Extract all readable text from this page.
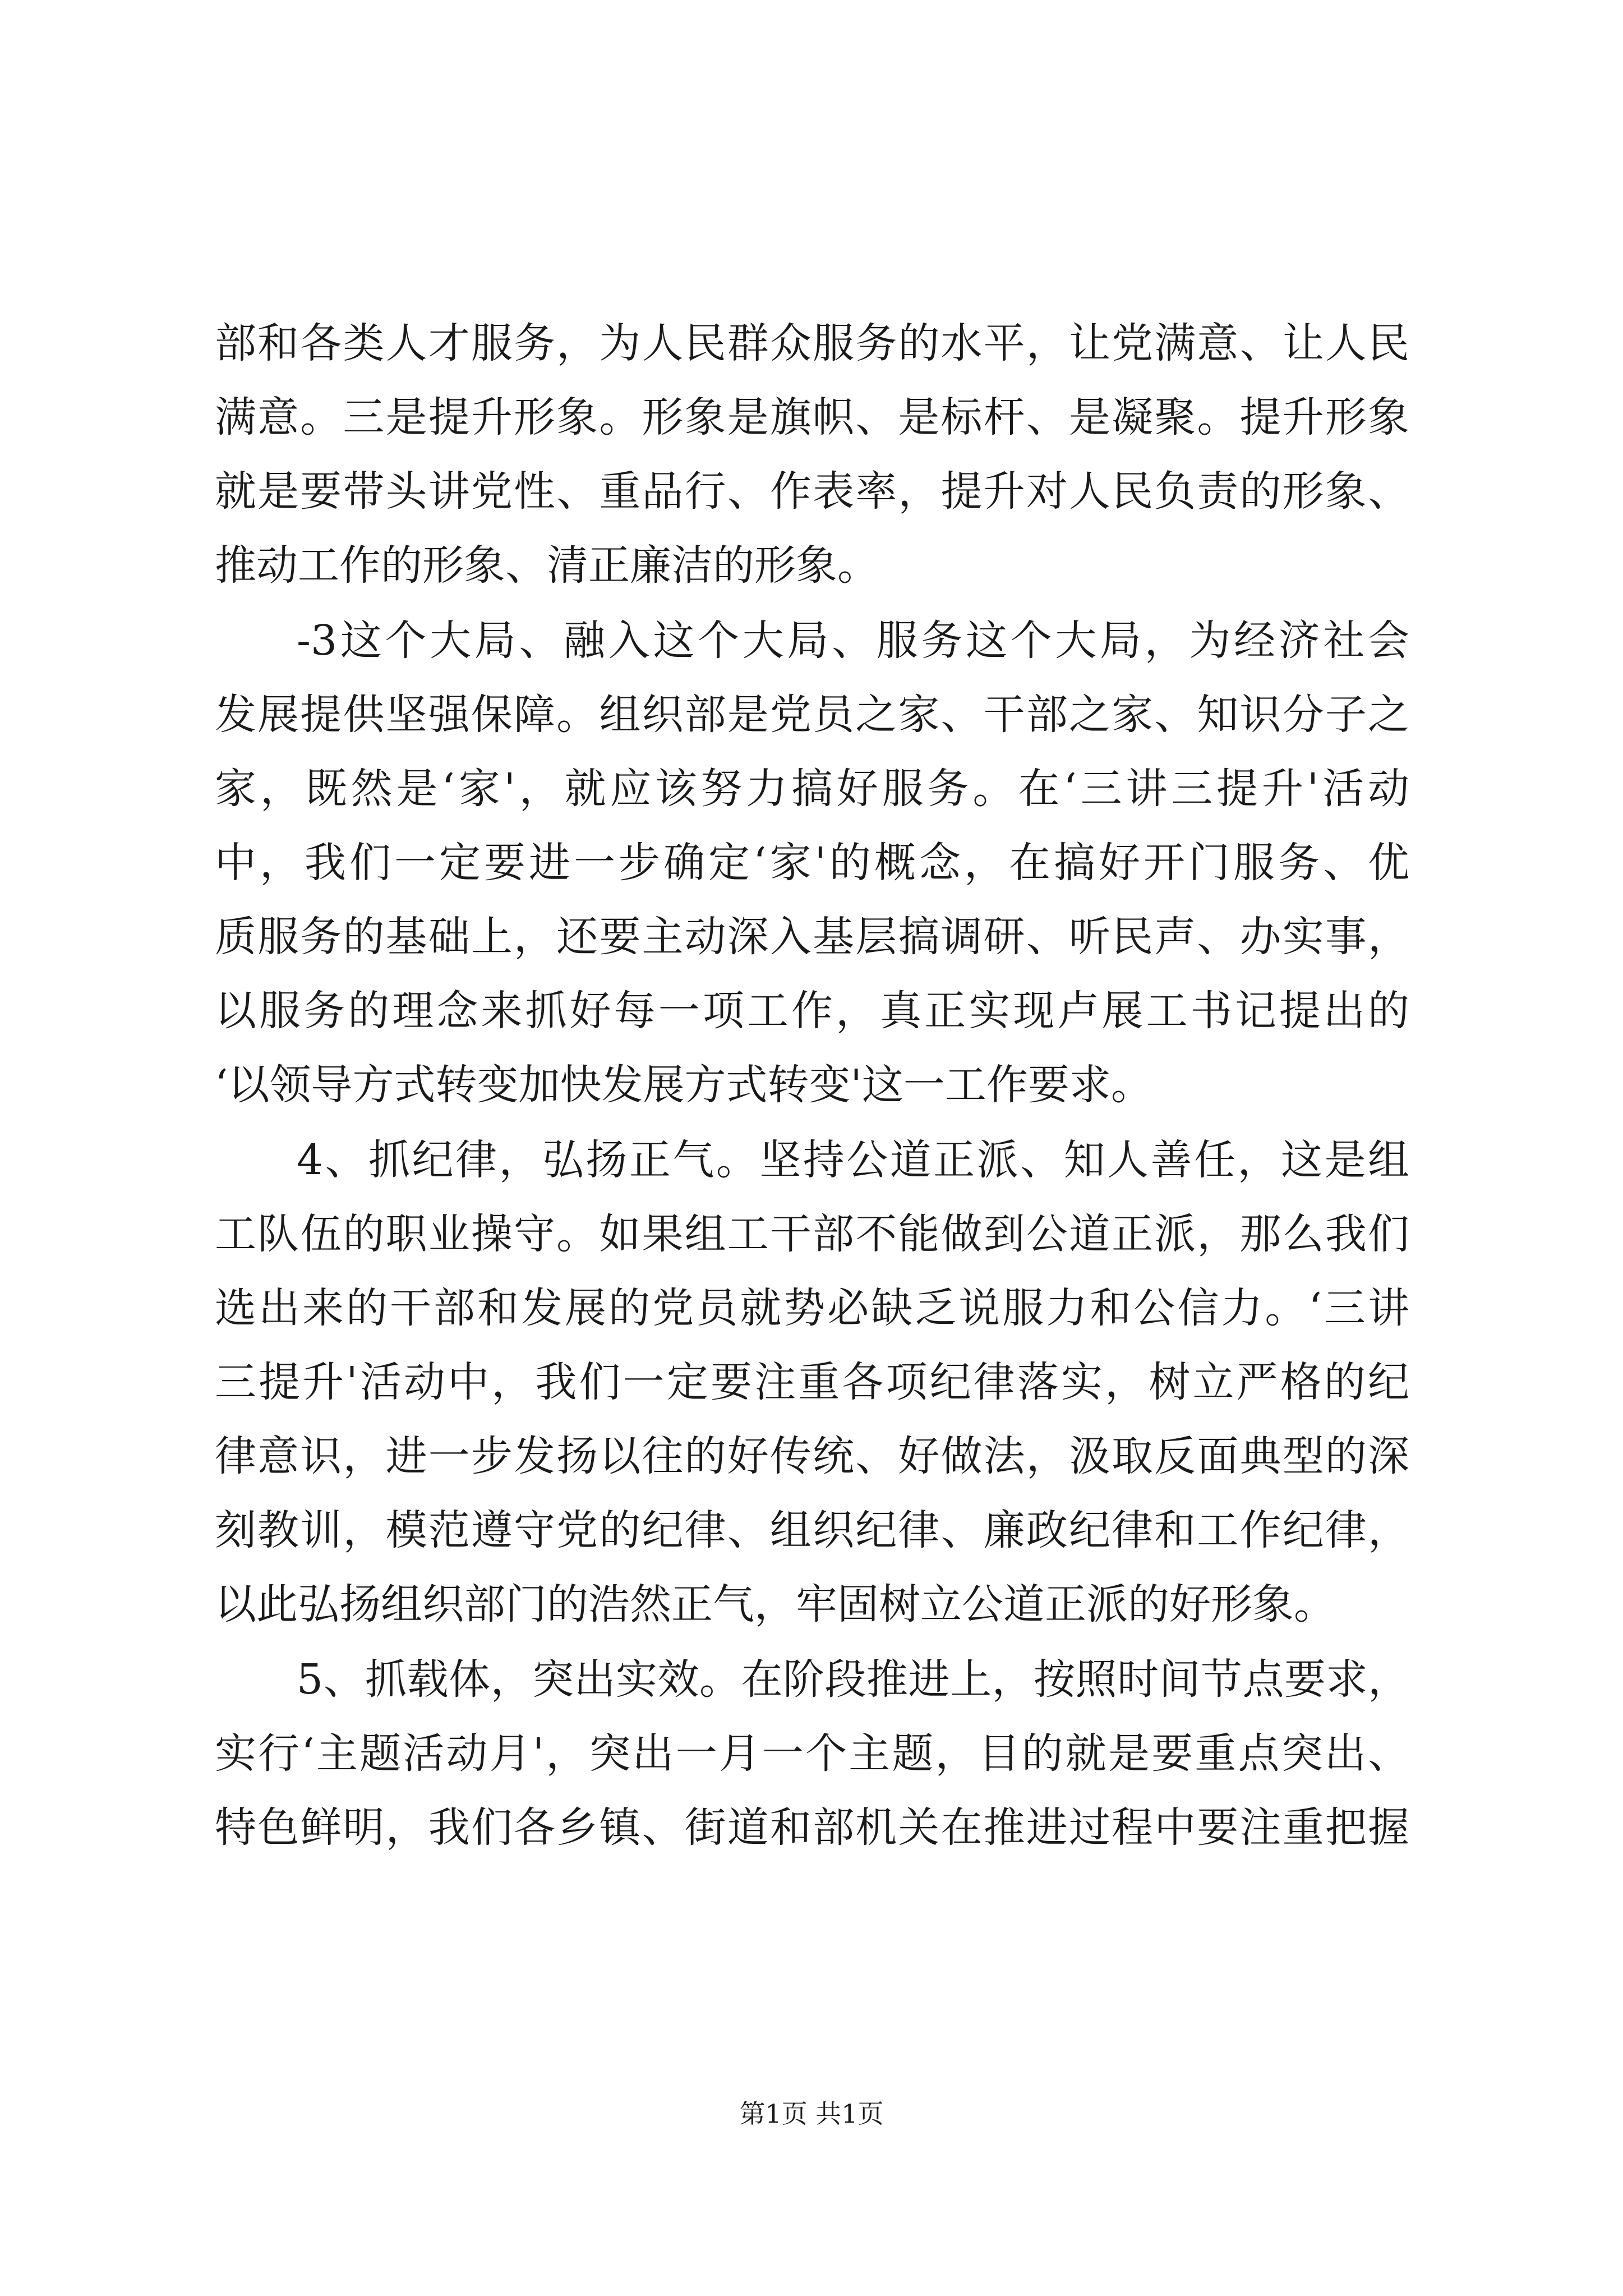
部和各类人才服务，为人民群众服务的水平，让党满意、让人民
满意。三是提升形象。形象是旗帜、是标杆、是凝聚。提升形象
就是要带头讲党性、重品行、作表率，提升对人民负责的形象、
推动工作的形象、清正廉洁的形象。
-3这个大局、融入这个大局、服务这个大局，为经济社会
发展提供坚强保障。组织部是党员之家、干部之家、知识分子之
家，既然是‘家'，就应该努力搞好服务。在‘三讲三提升'活动
中，我们一定要进一步确定‘家'的概念，在搞好开门服务、优
质服务的基础上，还要主动深入基层搞调研、听民声、办实事，
以服务的理念来抓好每一项工作，真正实现卢展工书记提出的
‘以领导方式转变加快发展方式转变'这一工作要求。
4、抓纪律，弘扬正气。坚持公道正派、知人善任，这是组
工队伍的职业操守。如果组工干部不能做到公道正派，那么我们
选出来的干部和发展的党员就势必缺乏说服力和公信力。‘三讲
三提升'活动中，我们一定要注重各项纪律落实，树立严格的纪
律意识，进一步发扬以往的好传统、好做法，汲取反面典型的深
刻教训，模范遵守党的纪律、组织纪律、廉政纪律和工作纪律，
以此弘扬组织部门的浩然正气，牢固树立公道正派的好形象。
5、抓载体，突出实效。在阶段推进上，按照时间节点要求，
实行‘主题活动月'，突出一月一个主题，目的就是要重点突出、
特色鲜明，我们各乡镇、街道和部机关在推进过程中要注重把握
第1页 共1页
